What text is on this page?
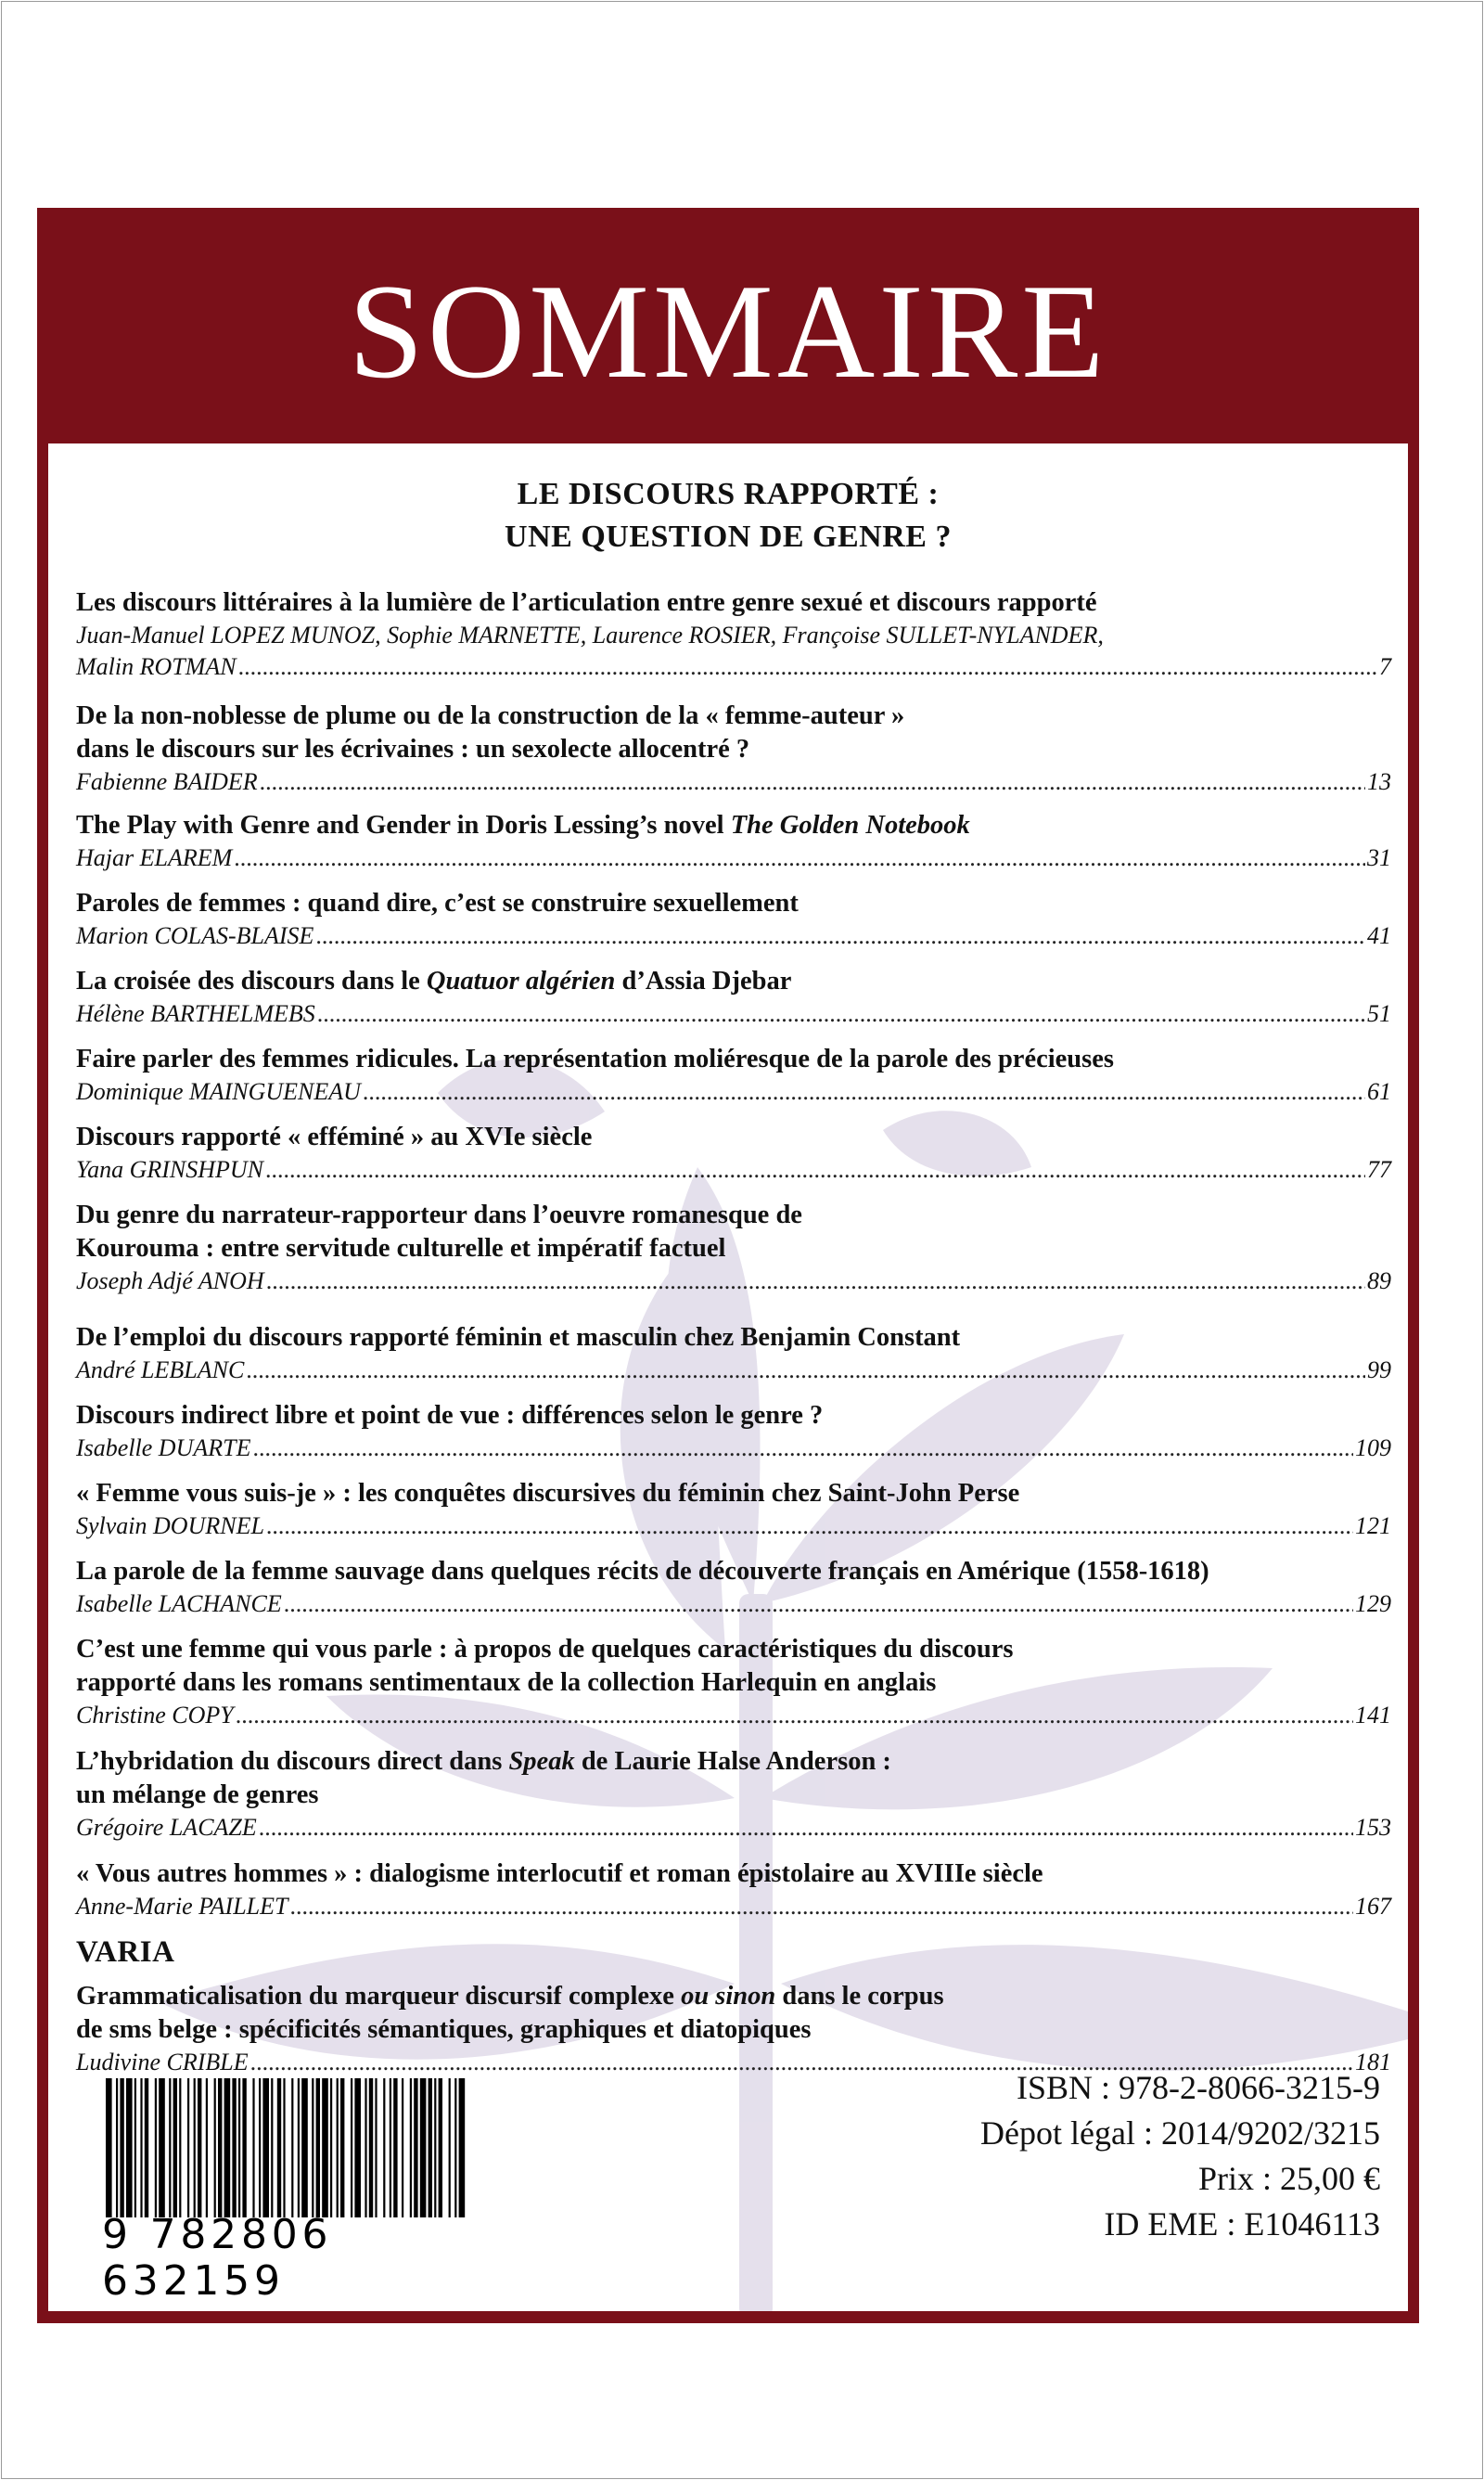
SOMMAIRE
LE DISCOURS RAPPORTÉ :
UNE QUESTION DE GENRE ?

Les discours littéraires à la lumière de l’articulation entre genre sexué et discours rapporté

Juan-Manuel LOPEZ MUNOZ, Sophie MARNETTE, Laurence ROSIER, Françoise SULLET-NYLANDER,

Malin ROTMAN .....	7

De la non-noblesse de plume ou de la construction de la « femme-auteur »

dans le discours sur les écrivaines : un sexolecte allocentré ?

Fabienne BAIDER .....	13

The Play with Genre and Gender in Doris Lessing’s novel The Golden Notebook

Hajar ELAREM .....	31

Paroles de femmes : quand dire, c’est se construire sexuellement

Marion COLAS-BLAISE .....	41

La croisée des discours dans le Quatuor algérien d’Assia Djebar

Hélène BARTHELMEBS .....	51

Faire parler des femmes ridicules. La représentation moliéresque de la parole des précieuses

Dominique MAINGUENEAU .....	61

Discours rapporté « efféminé » au XVIe siècle

Yana GRINSHPUN .....	77

Du genre du narrateur-rapporteur dans l’oeuvre romanesque de

Kourouma : entre servitude culturelle et impératif factuel

Joseph Adjé ANOH .....	89

De l’emploi du discours rapporté féminin et masculin chez Benjamin Constant

André LEBLANC .....	99

Discours indirect libre et point de vue : différences selon le genre ?

Isabelle DUARTE .....	109

« Femme vous suis-je » : les conquêtes discursives du féminin chez Saint-John Perse

Sylvain DOURNEL .....	121

La parole de la femme sauvage dans quelques récits de découverte français en Amérique (1558-1618)

Isabelle LACHANCE .....	129

C’est une femme qui vous parle : à propos de quelques caractéristiques du discours

rapporté dans les romans sentimentaux de la collection Harlequin en anglais

Christine COPY .....	141

L’hybridation du discours direct dans Speak de Laurie Halse Anderson :

un mélange de genres

Grégoire LACAZE .....	153

« Vous autres hommes » : dialogisme interlocutif et roman épistolaire au XVIIIe siècle

Anne-Marie PAILLET .....	167
VARIA

Grammaticalisation du marqueur discursif complexe ou sinon dans le corpus

de sms belge : spécificités sémantiques, graphiques et diatopiques

Ludivine CRIBLE .....	181
9 782806 632159
ISBN : 978-2-8066-3215-9
Dépot légal : 2014/9202/3215
Prix : 25,00 €
ID EME : E1046113
